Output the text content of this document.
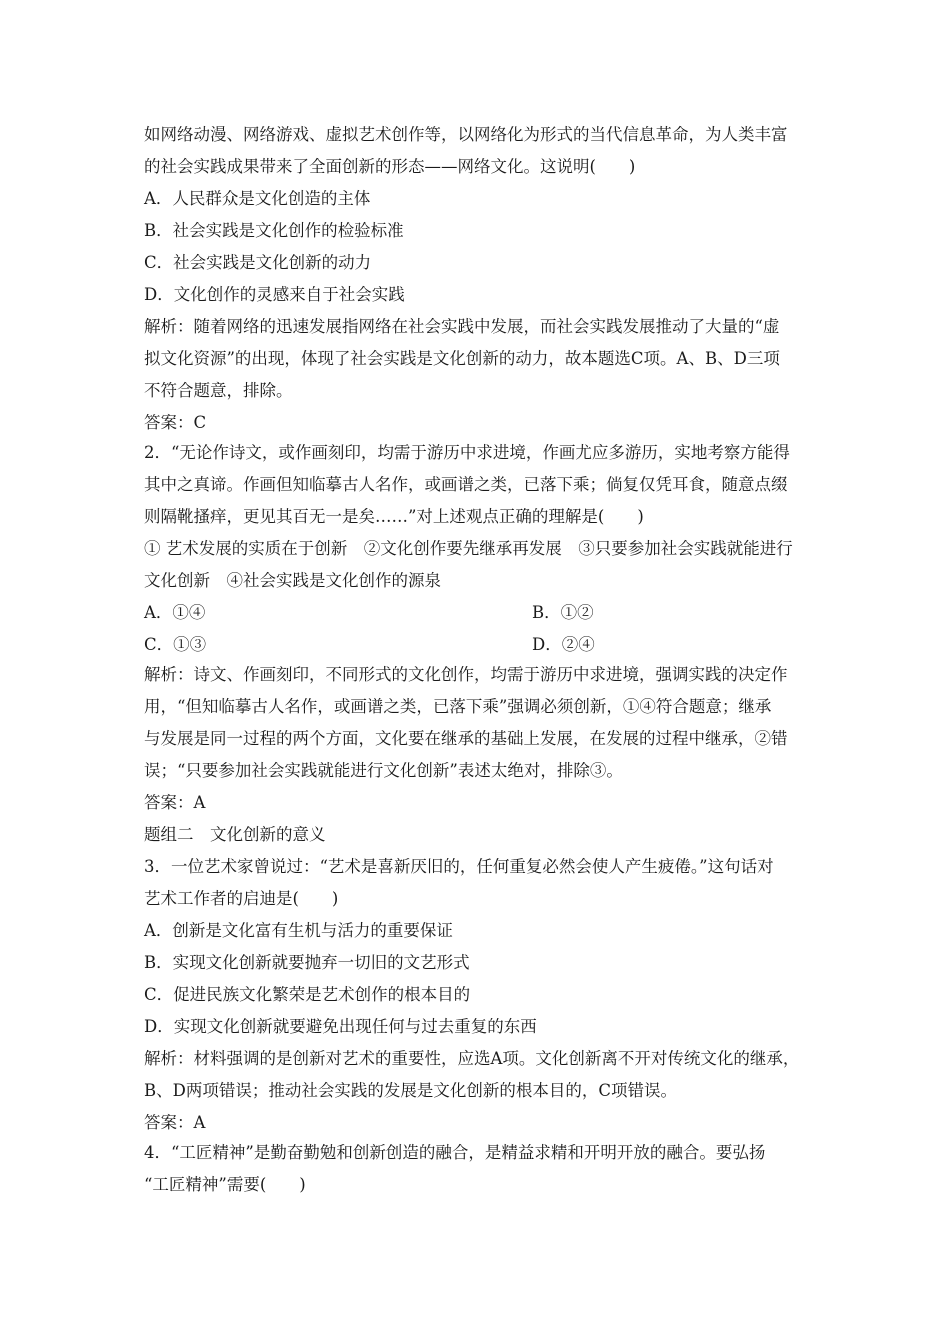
如网络动漫、网络游戏、虚拟艺术创作等，以网络化为形式的当代信息革命，为人类丰富
的社会实践成果带来了全面创新的形态——网络文化。这说明(　　)
A．人民群众是文化创造的主体
B．社会实践是文化创作的检验标准
C．社会实践是文化创新的动力
D．文化创作的灵感来自于社会实践
解析：随着网络的迅速发展指网络在社会实践中发展，而社会实践发展推动了大量的“虚
拟文化资源”的出现，体现了社会实践是文化创新的动力，故本题选C项。A、B、D三项
不符合题意，排除。
答案：C
2．“无论作诗文，或作画刻印，均需于游历中求进境，作画尤应多游历，实地考察方能得
其中之真谛。作画但知临摹古人名作，或画谱之类，已落下乘；倘复仅凭耳食，随意点缀
则隔靴搔痒，更见其百无一是矣……”对上述观点正确的理解是(　　)
① 艺术发展的实质在于创新　②文化创作要先继承再发展　③只要参加社会实践就能进行
文化创新　④社会实践是文化创作的源泉
A．①④	B．①②
C．①③	D．②④
解析：诗文、作画刻印，不同形式的文化创作，均需于游历中求进境，强调实践的决定作
用，“但知临摹古人名作，或画谱之类，已落下乘”强调必须创新，①④符合题意；继承
与发展是同一过程的两个方面，文化要在继承的基础上发展，在发展的过程中继承，②错
误；“只要参加社会实践就能进行文化创新”表述太绝对，排除③。
答案：A
题组二　文化创新的意义
3．一位艺术家曾说过：“艺术是喜新厌旧的，任何重复必然会使人产生疲倦。”这句话对
艺术工作者的启迪是(　　)
A．创新是文化富有生机与活力的重要保证
B．实现文化创新就要抛弃一切旧的文艺形式
C．促进民族文化繁荣是艺术创作的根本目的
D．实现文化创新就要避免出现任何与过去重复的东西
解析：材料强调的是创新对艺术的重要性，应选A项。文化创新离不开对传统文化的继承，
B、D两项错误；推动社会实践的发展是文化创新的根本目的，C项错误。
答案：A
4．“工匠精神”是勤奋勤勉和创新创造的融合，是精益求精和开明开放的融合。要弘扬
“工匠精神”需要(　　)
